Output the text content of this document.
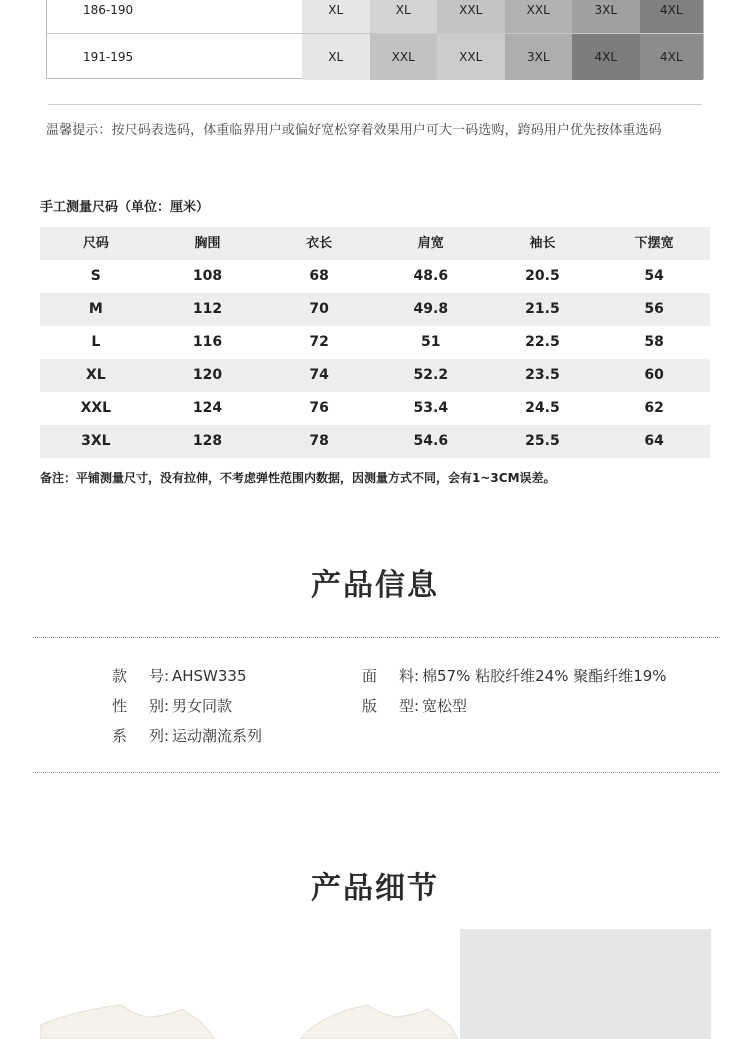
186-190	XL	XL	XXL	XXL	3XL	4XL
191-195	XL	XXL	XXL	3XL	4XL	4XL
温馨提示：按尺码表选码，体重临界用户或偏好宽松穿着效果用户可大一码选购，跨码用户优先按体重选码
手工测量尺码（单位：厘米）
尺码	胸围	衣长	肩宽	袖长	下摆宽
S	108	68	48.6	20.5	54
M	112	70	49.8	21.5	56
L	116	72	51	22.5	58
XL	120	74	52.2	23.5	60
XXL	124	76	53.4	24.5	62
3XL	128	78	54.6	25.5	64
备注：平铺测量尺寸，没有拉伸，不考虑弹性范围内数据，因测量方式不同，会有1~3CM误差。
产品信息
款号: AHSW335	面料: 棉57% 粘胶纤维24% 聚酯纤维19%
性别: 男女同款	版型: 宽松型
系列: 运动潮流系列
产品细节
